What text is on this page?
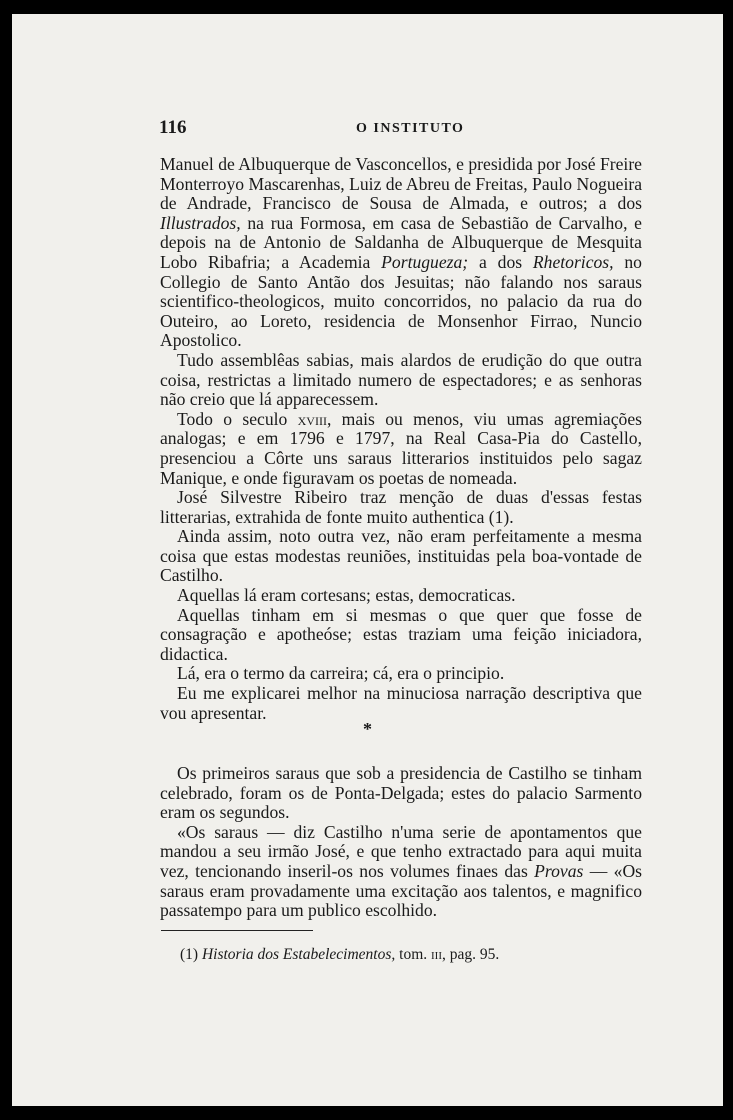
116	O INSTITUTO

Manuel de Albuquerque de Vasconcellos, e presidida por José Freire Monterroyo Mascarenhas, Luiz de Abreu de Freitas, Paulo Nogueira de Andrade, Francisco de Sousa de Almada, e outros; a dos Illustrados, na rua Formosa, em casa de Sebastião de Carvalho, e depois na de Antonio de Saldanha de Albuquerque de Mesquita Lobo Ribafria; a Academia Portugueza; a dos Rhetoricos, no Collegio de Santo Antão dos Jesuitas; não falando nos saraus scientifico-theologicos, muito concorridos, no palacio da rua do Outeiro, ao Loreto, residencia de Monsenhor Firrao, Nuncio Apostolico.

Tudo assemblêas sabias, mais alardos de erudição do que outra coisa, restrictas a limitado numero de espectadores; e as senhoras não creio que lá apparecessem.

Todo o seculo xviii, mais ou menos, viu umas agremiações analogas; e em 1796 e 1797, na Real Casa-Pia do Castello, presenciou a Côrte uns saraus litterarios instituidos pelo sagaz Manique, e onde figuravam os poetas de nomeada.

José Silvestre Ribeiro traz menção de duas d'essas festas litterarias, extrahida de fonte muito authentica (1).

Ainda assim, noto outra vez, não eram perfeitamente a mesma coisa que estas modestas reuniões, instituidas pela boa-vontade de Castilho.

Aquellas lá eram cortesans; estas, democraticas.

Aquellas tinham em si mesmas o que quer que fosse de consagração e apotheóse; estas traziam uma feição iniciadora, didactica.

Lá, era o termo da carreira; cá, era o principio.

Eu me explicarei melhor na minuciosa narração descriptiva que vou apresentar.

*

Os primeiros saraus que sob a presidencia de Castilho se tinham celebrado, foram os de Ponta-Delgada; estes do palacio Sarmento eram os segundos.

«Os saraus — diz Castilho n'uma serie de apontamentos que mandou a seu irmão José, e que tenho extractado para aqui muita vez, tencionando inseril-os nos volumes finaes das Provas — «Os saraus eram provadamente uma excitação aos talentos, e magnifico passatempo para um publico escolhido.

(1) Historia dos Estabelecimentos, tom. iii, pag. 95.
